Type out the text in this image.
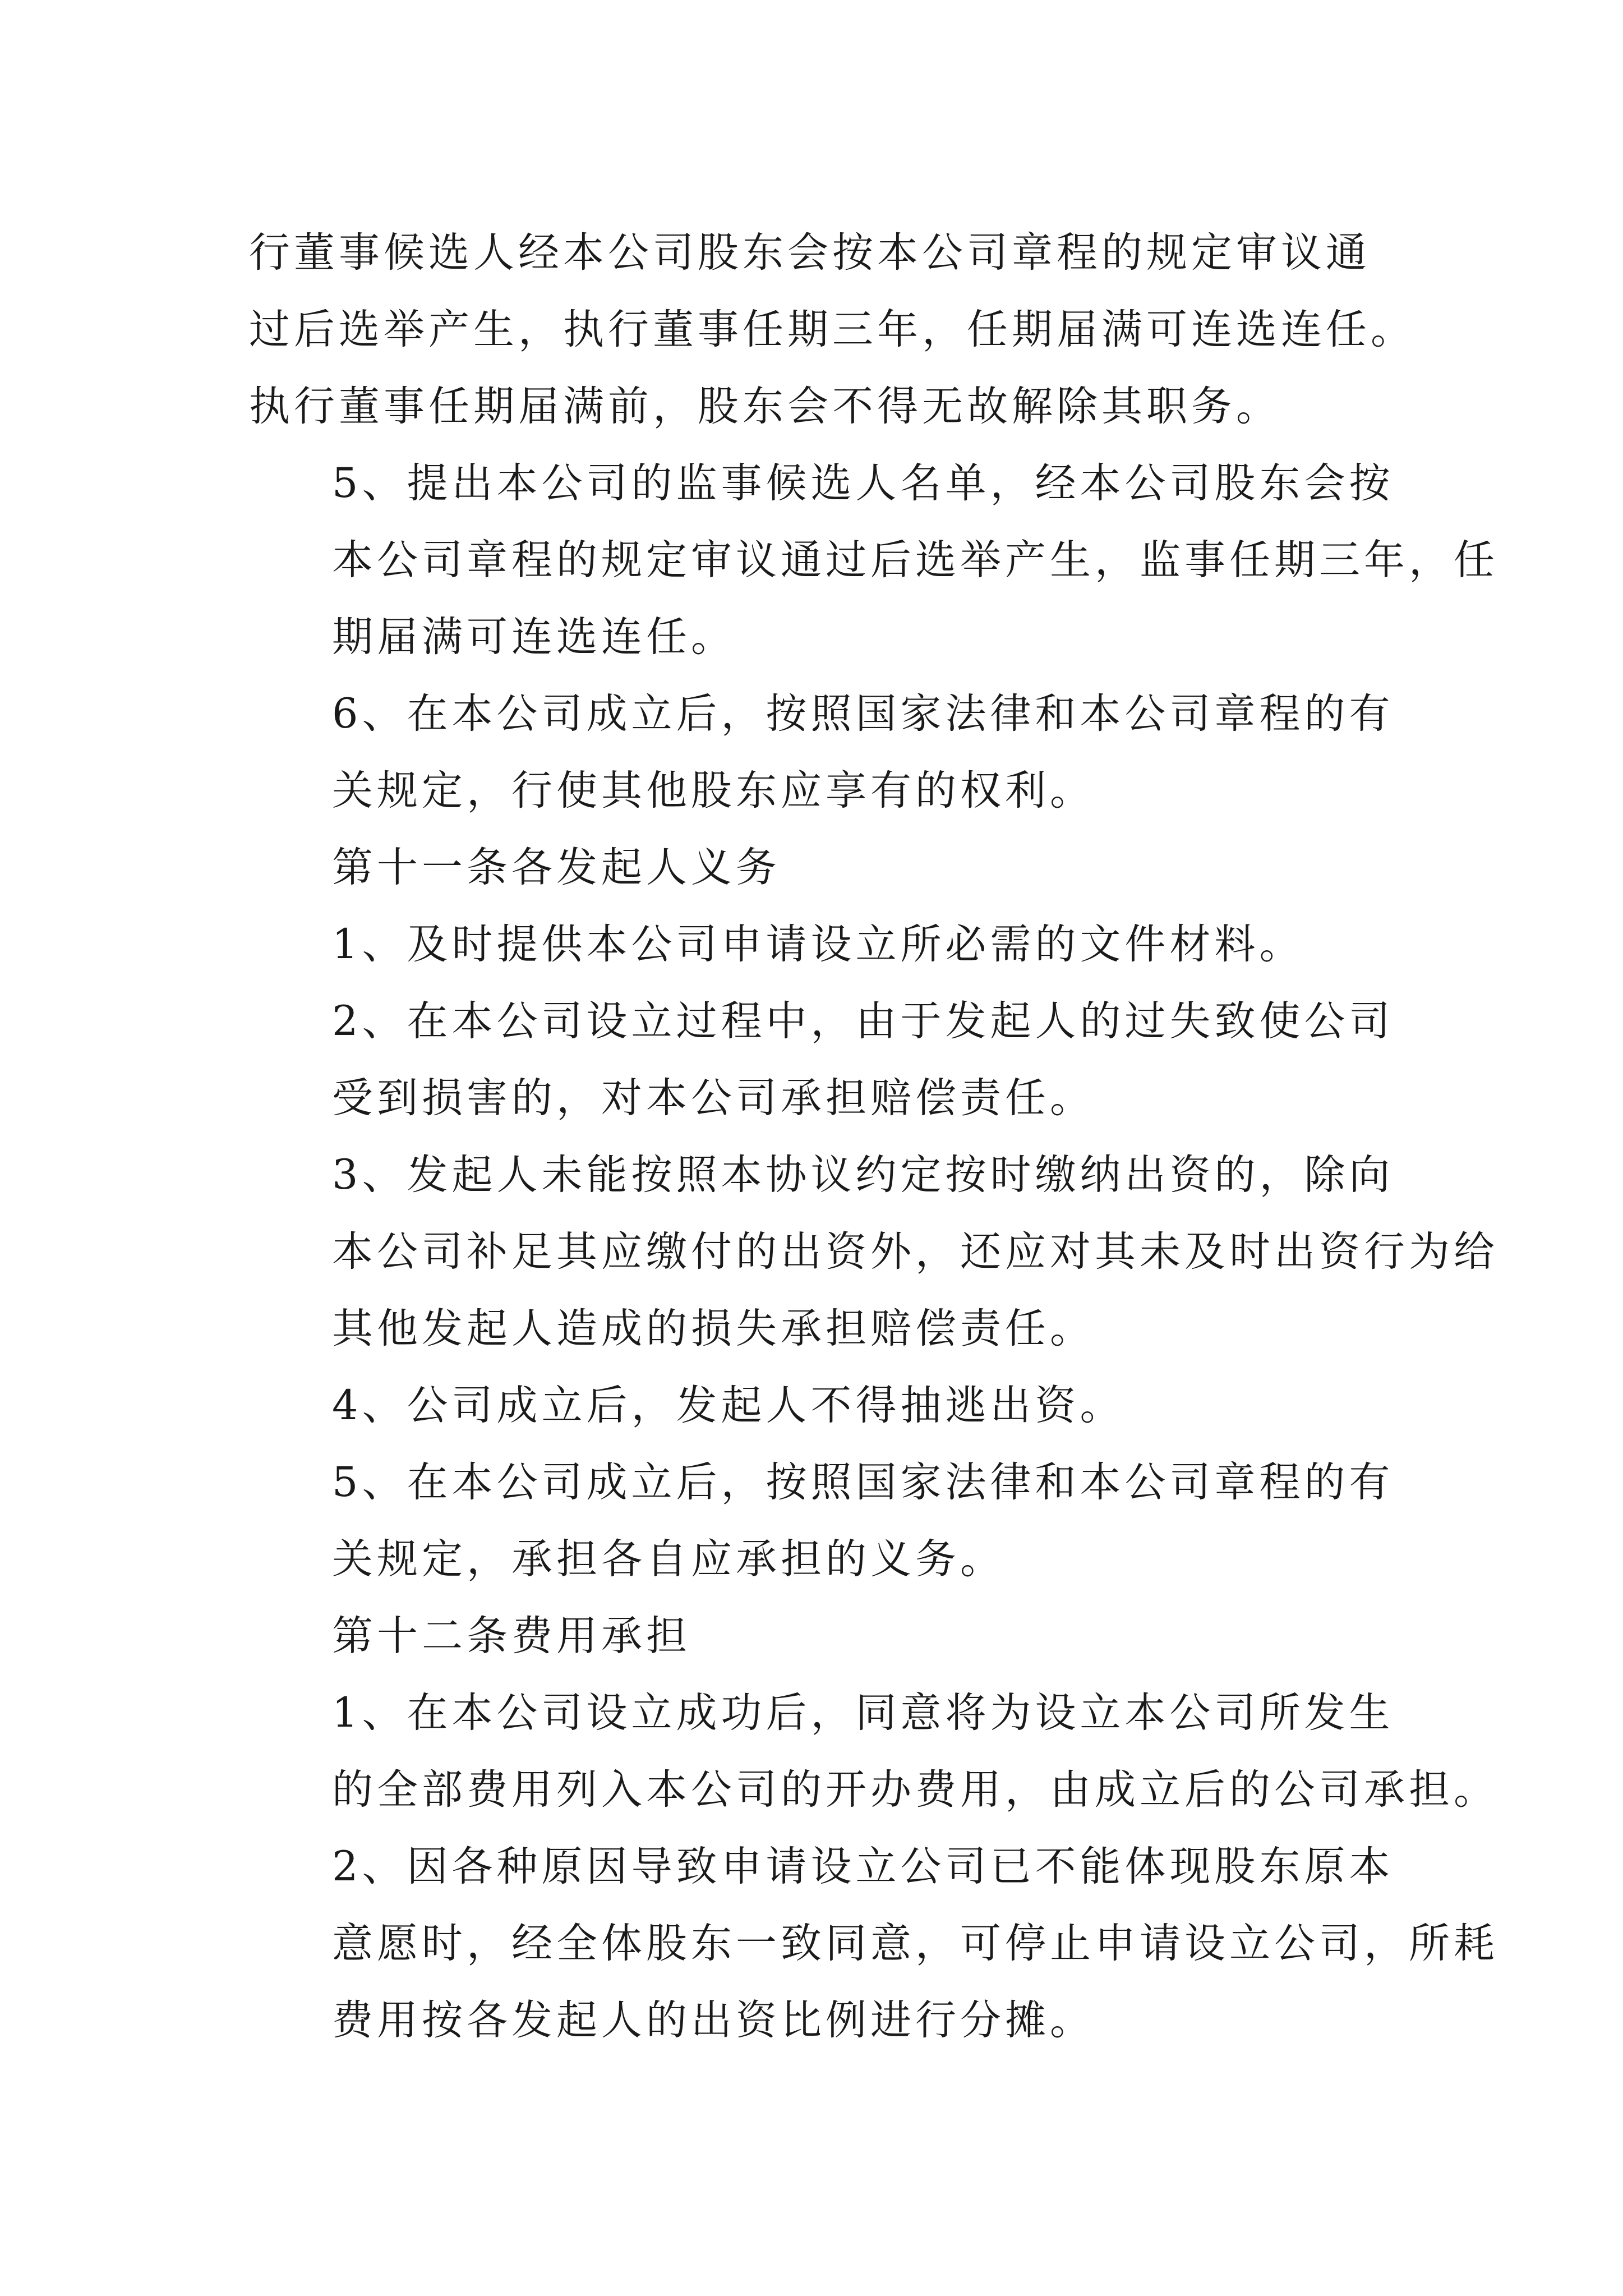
行董事候选人经本公司股东会按本公司章程的规定审议通
过后选举产生，执行董事任期三年，任期届满可连选连任。
执行董事任期届满前，股东会不得无故解除其职务。

5、提出本公司的监事候选人名单，经本公司股东会按
本公司章程的规定审议通过后选举产生，监事任期三年，任
期届满可连选连任。

6、在本公司成立后，按照国家法律和本公司章程的有
关规定，行使其他股东应享有的权利。

第十一条各发起人义务

1、及时提供本公司申请设立所必需的文件材料。

2、在本公司设立过程中，由于发起人的过失致使公司
受到损害的，对本公司承担赔偿责任。

3、发起人未能按照本协议约定按时缴纳出资的，除向
本公司补足其应缴付的出资外，还应对其未及时出资行为给
其他发起人造成的损失承担赔偿责任。

4、公司成立后，发起人不得抽逃出资。

5、在本公司成立后，按照国家法律和本公司章程的有
关规定，承担各自应承担的义务。

第十二条费用承担

1、在本公司设立成功后，同意将为设立本公司所发生
的全部费用列入本公司的开办费用，由成立后的公司承担。

2、因各种原因导致申请设立公司已不能体现股东原本
意愿时，经全体股东一致同意，可停止申请设立公司，所耗
费用按各发起人的出资比例进行分摊。
